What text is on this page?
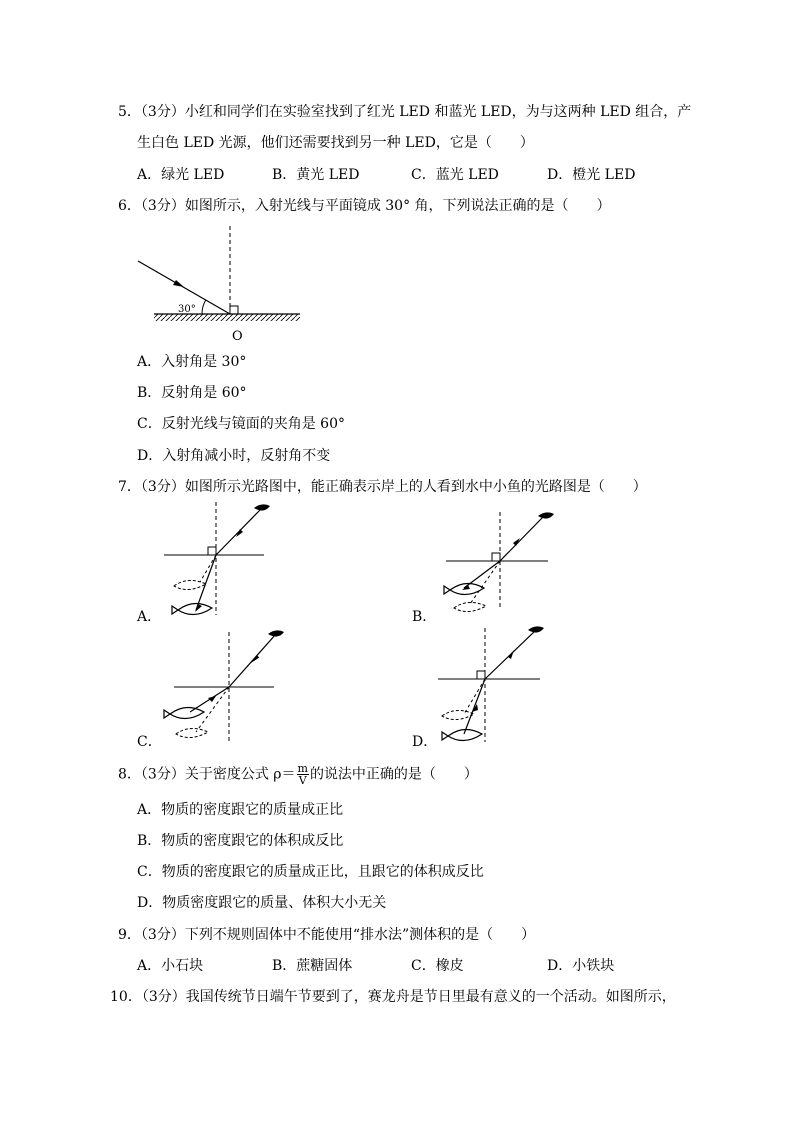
5．（3分）小红和同学们在实验室找到了红光 LED 和蓝光 LED，为与这两种 LED 组合，产
生白色 LED 光源，他们还需要找到另一种 LED，它是（　　）
A．绿光 LED	B．黄光 LED	C．蓝光 LED	D．橙光 LED
6．（3分）如图所示，入射光线与平面镜成 30° 角，下列说法正确的是（　　）
30°
O
A．入射角是 30°
B．反射角是 60°
C．反射光线与镜面的夹角是 60°
D．入射角减小时，反射角不变
7．（3分）如图所示光路图中，能正确表示岸上的人看到水中小鱼的光路图是（　　）
A．	B．
C．	D．
8．（3分）关于密度公式 $\rho= \frac{m}{V}$ 的说法中正确的是（　　）
A．物质的密度跟它的质量成正比
B．物质的密度跟它的体积成反比
C．物质的密度跟它的质量成正比，且跟它的体积成反比
D．物质密度跟它的质量、体积大小无关
9．（3分）下列不规则固体中不能使用“排水法”测体积的是（　　）
A．小石块	B．蔗糖固体	C．橡皮	D．小铁块
10．（3分）我国传统节日端午节要到了，赛龙舟是节日里最有意义的一个活动。如图所示，
